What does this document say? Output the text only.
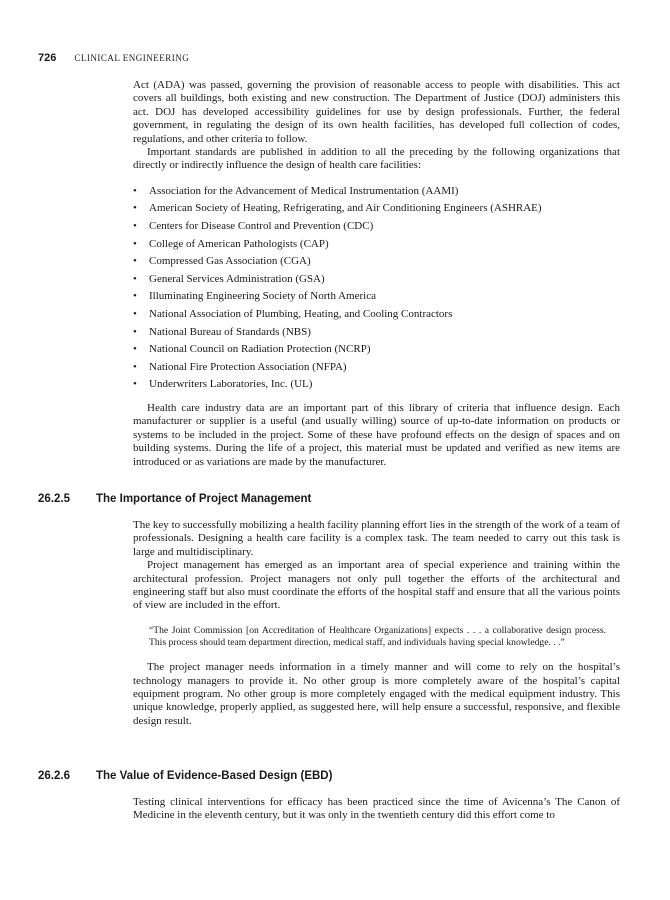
726 CLINICAL ENGINEERING

Act (ADA) was passed, governing the provision of reasonable access to people with disabilities. This act covers all buildings, both existing and new construction. The Department of Justice (DOJ) administers this act. DOJ has developed accessibility guidelines for use by design professionals. Further, the federal government, in regulating the design of its own health facilities, has developed full collection of codes, regulations, and other criteria to follow.

Important standards are published in addition to all the preceding by the following organizations that directly or indirectly influence the design of health care facilities:

• Association for the Advancement of Medical Instrumentation (AAMI)
• American Society of Heating, Refrigerating, and Air Conditioning Engineers (ASHRAE)
• Centers for Disease Control and Prevention (CDC)
• College of American Pathologists (CAP)
• Compressed Gas Association (CGA)
• General Services Administration (GSA)
• Illuminating Engineering Society of North America
• National Association of Plumbing, Heating, and Cooling Contractors
• National Bureau of Standards (NBS)
• National Council on Radiation Protection (NCRP)
• National Fire Protection Association (NFPA)
• Underwriters Laboratories, Inc. (UL)

Health care industry data are an important part of this library of criteria that influence design. Each manufacturer or supplier is a useful (and usually willing) source of up-to-date information on products or systems to be included in the project. Some of these have profound effects on the design of spaces and on building systems. During the life of a project, this material must be updated and verified as new items are introduced or as variations are made by the manufacturer.

26.2.5 The Importance of Project Management

The key to successfully mobilizing a health facility planning effort lies in the strength of the work of a team of professionals. Designing a health care facility is a complex task. The team needed to carry out this task is large and multidisciplinary.

Project management has emerged as an important area of special experience and training within the architectural profession. Project managers not only pull together the efforts of the architectural and engineering staff but also must coordinate the efforts of the hospital staff and ensure that all the various points of view are included in the effort.

“The Joint Commission [on Accreditation of Healthcare Organizations] expects . . . a collaborative design process. This process should team department direction, medical staff, and individuals having special knowledge. . .”

The project manager needs information in a timely manner and will come to rely on the hospital’s technology managers to provide it. No other group is more completely aware of the hospital’s capital equipment program. No other group is more completely engaged with the medical equipment industry. This unique knowledge, properly applied, as suggested here, will help ensure a successful, responsive, and flexible design result.

26.2.6 The Value of Evidence-Based Design (EBD)

Testing clinical interventions for efficacy has been practiced since the time of Avicenna’s The Canon of Medicine in the eleventh century, but it was only in the twentieth century did this effort come to
